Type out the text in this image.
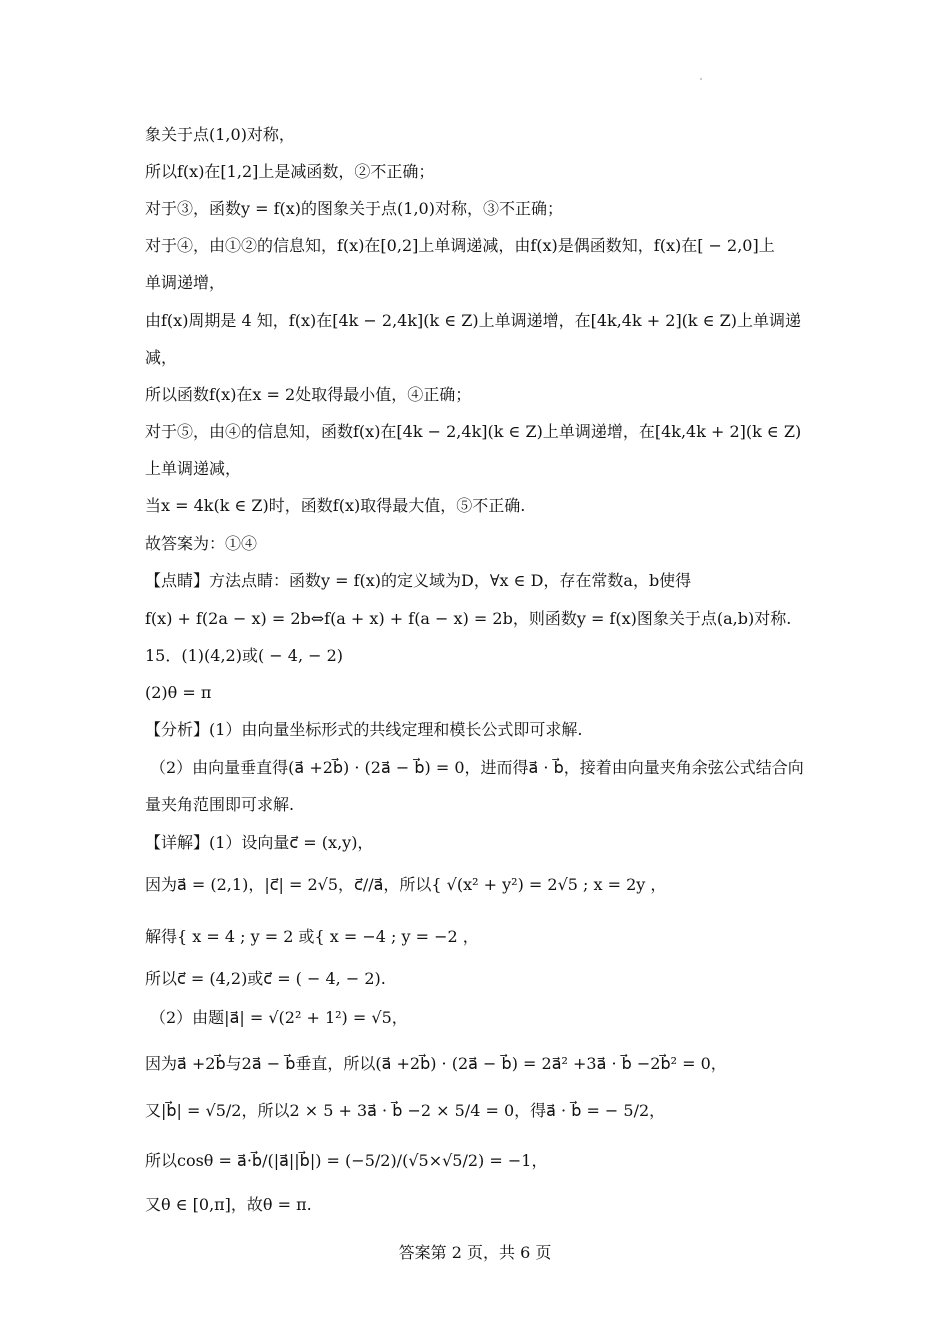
象关于点(1,0)对称，
所以f(x)在[1,2]上是减函数，②不正确；
对于③，函数y = f(x)的图象关于点(1,0)对称，③不正确；
对于④，由①②的信息知，f(x)在[0,2]上单调递减，由f(x)是偶函数知，f(x)在[ − 2,0]上
单调递增，
由f(x)周期是 4 知，f(x)在[4k − 2,4k](k ∈ Z)上单调递增，在[4k,4k + 2](k ∈ Z)上单调递
减，
所以函数f(x)在x = 2处取得最小值，④正确；
对于⑤，由④的信息知，函数f(x)在[4k − 2,4k](k ∈ Z)上单调递增，在[4k,4k + 2](k ∈ Z)
上单调递减，
当x = 4k(k ∈ Z)时，函数f(x)取得最大值，⑤不正确.
故答案为：①④
【点睛】方法点睛：函数y = f(x)的定义域为D，∀x ∈ D，存在常数a，b使得
f(x) + f(2a − x) = 2b⇔f(a + x) + f(a − x) = 2b，则函数y = f(x)图象关于点(a,b)对称.
15．(1)(4,2)或( − 4, − 2)
(2)θ = π
【分析】(1）由向量坐标形式的共线定理和模长公式即可求解.
（2）由向量垂直得(a⃗ +2b⃗) · (2a⃗ − b⃗) = 0，进而得a⃗ · b⃗，接着由向量夹角余弦公式结合向
量夹角范围即可求解.
【详解】(1）设向量c⃗ = (x,y)，
因为a⃗ = (2,1)，|c⃗| = 2√5，c⃗//a⃗，所以{ √(x² + y²) = 2√5 ; x = 2y ，
解得{ x = 4 ; y = 2 或{ x = −4 ; y = −2 ，
所以c⃗ = (4,2)或c⃗ = ( − 4, − 2).
（2）由题|a⃗| = √(2² + 1²) = √5，
因为a⃗ +2b⃗与2a⃗ − b⃗垂直，所以(a⃗ +2b⃗) · (2a⃗ − b⃗) = 2a⃗² +3a⃗ · b⃗ −2b⃗² = 0，
又|b⃗| = √5/2，所以2 × 5 + 3a⃗ · b⃗ −2 × 5/4 = 0，得a⃗ · b⃗ = − 5/2，
所以cosθ = a⃗·b⃗/(|a⃗||b⃗|) = (−5/2)/(√5×√5/2) = −1，
又θ ∈ [0,π]，故θ = π.
答案第 2 页，共 6 页
